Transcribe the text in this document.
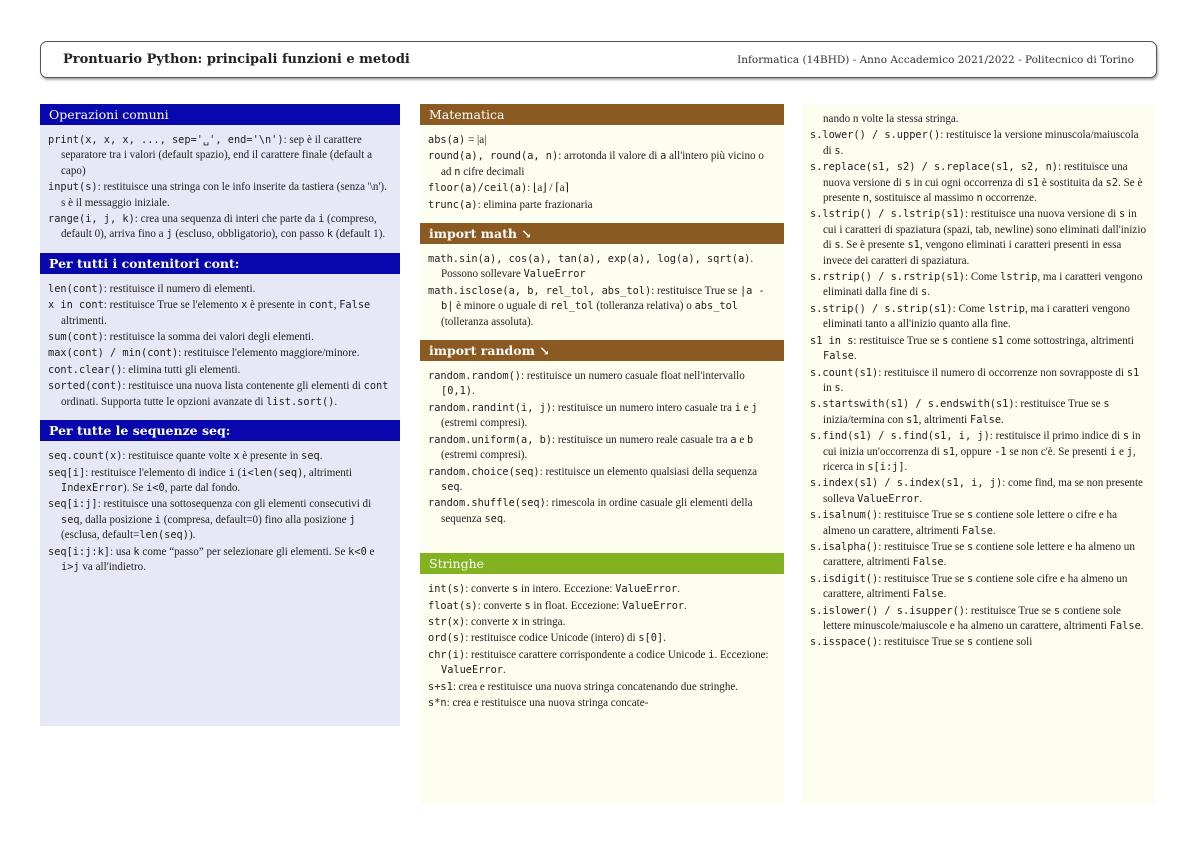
Prontuario Python: principali funzioni e metodi	Informatica (14BHD) - Anno Accademico 2021/2022 - Politecnico di Torino
Operazioni comuni

print(x, x, x, ..., sep='␣', end='\n'): sep è il carattere separatore tra i valori (default spazio), end il carattere finale (default a capo)

input(s): restituisce una stringa con le info inserite da tastiera (senza '\n'). s è il messaggio iniziale.

range(i, j, k): crea una sequenza di interi che parte da i (compreso, default 0), arriva fino a j (escluso, obbligatorio), con passo k (default 1).

Per tutti i contenitori cont:

len(cont): restituisce il numero di elementi.

x in cont: restituisce True se l'elemento x è presente in cont, False altrimenti.

sum(cont): restituisce la somma dei valori degli elementi.

max(cont) / min(cont): restituisce l'elemento maggiore/minore.

cont.clear(): elimina tutti gli elementi.

sorted(cont): restituisce una nuova lista contenente gli elementi di cont ordinati. Supporta tutte le opzioni avanzate di list.sort().

Per tutte le sequenze seq:

seq.count(x): restituisce quante volte x è presente in seq.

seq[i]: restituisce l'elemento di indice i (i<len(seq), altrimenti IndexError). Se i<0, parte dal fondo.

seq[i:j]: restituisce una sottosequenza con gli elementi consecutivi di seq, dalla posizione i (compresa, default=0) fino alla posizione j (esclusa, default=len(seq)).

seq[i:j:k]: usa k come “passo” per selezionare gli elementi. Se k<0 e i>j va all'indietro.

Matematica

abs(a) = |a|

round(a), round(a, n): arrotonda il valore di a all'intero più vicino o ad n cifre decimali

floor(a)/ceil(a): ⌊a⌋ / ⌈a⌉

trunc(a): elimina parte frazionaria

import math ↘

math.sin(a), cos(a), tan(a), exp(a), log(a), sqrt(a). Possono sollevare ValueError

math.isclose(a, b, rel_tol, abs_tol): restituisce True se |a - b| è minore o uguale di rel_tol (tolleranza relativa) o abs_tol (tolleranza assoluta).

import random ↘

random.random(): restituisce un numero casuale float nell'intervallo [0,1).

random.randint(i, j): restituisce un numero intero casuale tra i e j (estremi compresi).

random.uniform(a, b): restituisce un numero reale casuale tra a e b (estremi compresi).

random.choice(seq): restituisce un elemento qualsiasi della sequenza seq.

random.shuffle(seq): rimescola in ordine casuale gli elementi della sequenza seq.

Stringhe

int(s): converte s in intero. Eccezione: ValueError.

float(s): converte s in float. Eccezione: ValueError.

str(x): converte x in stringa.

ord(s): restituisce codice Unicode (intero) di s[0].

chr(i): restituisce carattere corrispondente a codice Unicode i. Eccezione: ValueError.

s+s1: crea e restituisce una nuova stringa concatenando due stringhe.

s*n: crea e restituisce una nuova stringa concate-

nando n volte la stessa stringa.

s.lower() / s.upper(): restituisce la versione minuscola/maiuscola di s.

s.replace(s1, s2) / s.replace(s1, s2, n): restituisce una nuova versione di s in cui ogni occorrenza di s1 è sostituita da s2. Se è presente n, sostituisce al massimo n occorrenze.

s.lstrip() / s.lstrip(s1): restituisce una nuova versione di s in cui i caratteri di spaziatura (spazi, tab, newline) sono eliminati dall'inizio di s. Se è presente s1, vengono eliminati i caratteri presenti in essa invece dei caratteri di spaziatura.

s.rstrip() / s.rstrip(s1): Come lstrip, ma i caratteri vengono eliminati dalla fine di s.

s.strip() / s.strip(s1): Come lstrip, ma i caratteri vengono eliminati tanto a all'inizio quanto alla fine.

s1 in s: restituisce True se s contiene s1 come sottostringa, altrimenti False.

s.count(s1): restituisce il numero di occorrenze non sovrapposte di s1 in s.

s.startswith(s1) / s.endswith(s1): restituisce True se s inizia/termina con s1, altrimenti False.

s.find(s1) / s.find(s1, i, j): restituisce il primo indice di s in cui inizia un'occorrenza di s1, oppure -1 se non c'è. Se presenti i e j, ricerca in s[i:j].

s.index(s1) / s.index(s1, i, j): come find, ma se non presente solleva ValueError.

s.isalnum(): restituisce True se s contiene sole lettere o cifre e ha almeno un carattere, altrimenti False.

s.isalpha(): restituisce True se s contiene sole lettere e ha almeno un carattere, altrimenti False.

s.isdigit(): restituisce True se s contiene sole cifre e ha almeno un carattere, altrimenti False.

s.islower() / s.isupper(): restituisce True se s contiene sole lettere minuscole/maiuscole e ha almeno un carattere, altrimenti False.

s.isspace(): restituisce True se s contiene soli
